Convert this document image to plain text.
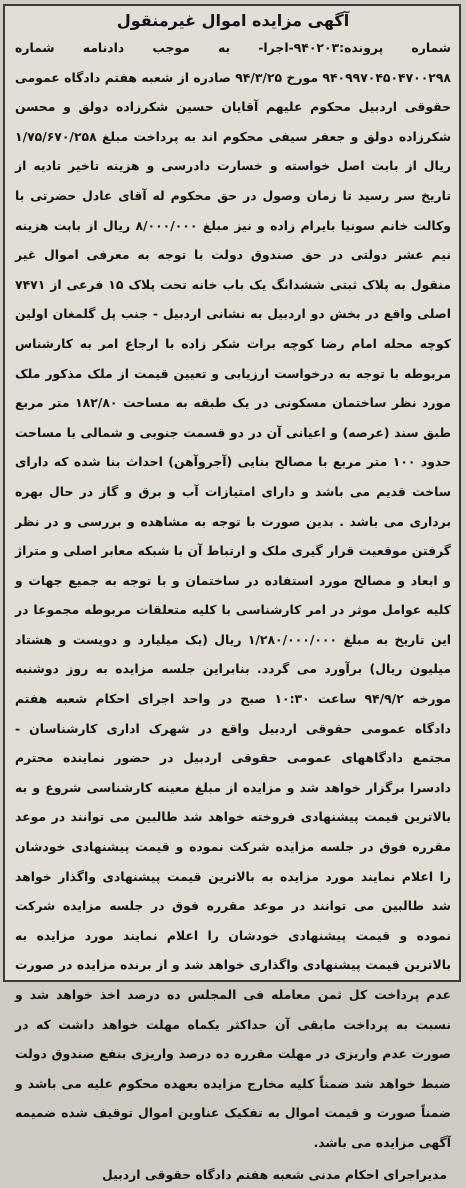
آگهی مزایده اموال غیرمنقول

شماره پرونده:۹۴۰۲۰۳-اجرا- به موجب دادنامه شماره ۹۴۰۹۹۷۰۴۵۰۴۷۰۰۲۹۸ مورخ ۹۴/۳/۲۵ صادره از شعبه هفتم دادگاه عمومی حقوقی اردبیل محکوم علیهم آقایان حسین شکرزاده دولق و محسن شکرزاده دولق و جعفر سیفی محکوم اند به پرداخت مبلغ ۱/۷۵/۶۷۰/۲۵۸ ریال از بابت اصل خواسته و خسارت دادرسی و هزینه تاخیر تادیه از تاریخ سر رسید تا زمان وصول در حق محکوم له آقای عادل حضرتی با وکالت خانم سونیا بایرام زاده و نیز مبلغ ۸/۰۰۰/۰۰۰ ریال از بابت هزینه نیم عشر دولتی در حق صندوق دولت با توجه به معرفی اموال غیر منقول به پلاک ثبتی ششدانگ یک باب خانه تحت پلاک ۱۵ فرعی از ۷۴۷۱ اصلی واقع در بخش دو اردبیل به نشانی اردبیل - جنب پل گلمغان اولین کوچه محله امام رضا کوچه برات شکر زاده با ارجاع امر به کارشناس مربوطه با توجه به درخواست ارزیابی و تعیین قیمت از ملک مذکور ملک مورد نظر ساختمان مسکونی در یک طبقه به مساحت ۱۸۲/۸۰ متر مربع طبق سند (عرصه) و اعیانی آن در دو قسمت جنوبی و شمالی با مساحت حدود ۱۰۰ متر مربع با مصالح بنایی (آجروآهن) احداث بنا شده که دارای ساخت قدیم می باشد و دارای امتیازات آب و برق و گاز در حال بهره برداری می باشد . بدین صورت با توجه به مشاهده و بررسی و در نظر گرفتن موقعیت قرار گیری ملک و ارتباط آن با شبکه معابر اصلی و متراژ و ابعاد و مصالح مورد استفاده در ساختمان و با توجه به جمیع جهات و کلیه عوامل موثر در امر کارشناسی با کلیه متعلقات مربوطه مجموعا در این تاریخ به مبلغ ۱/۲۸۰/۰۰۰/۰۰۰ ریال (یک میلیارد و دویست و هشتاد میلیون ریال) برآورد می گردد. بنابراین جلسه مزایده به روز دوشنبه مورخه ۹۴/۹/۲ ساعت ۱۰:۳۰ صبح در واحد اجرای احکام شعبه هفتم دادگاه عمومی حقوقی اردبیل واقع در شهرک اداری کارشناسان - مجتمع دادگاههای عمومی حقوقی اردبیل در حضور نماینده محترم دادسرا برگزار خواهد شد و مزایده از مبلغ معینه کارشناسی شروع و به بالاترین قیمت پیشنهادی فروخته خواهد شد طالبین می توانند در موعد مقرره فوق در جلسه مزایده شرکت نموده و قیمت پیشنهادی خودشان را اعلام نمایند مورد مزایده به بالاترین قیمت پیشنهادی واگذار خواهد شد طالبین می توانند در موعد مقرره فوق در جلسه مزایده شرکت نموده و قیمت پیشنهادی خودشان را اعلام نمایند مورد مزایده به بالاترین قیمت پیشنهادی واگذاری خواهد شد و از برنده مزایده در صورت عدم پرداخت کل ثمن معامله فی المجلس ده درصد اخذ خواهد شد و نسبت به پرداخت مابقی آن حداکثر یکماه مهلت خواهد داشت که در صورت عدم واریزی در مهلت مقرره ده درصد واریزی بنفع صندوق دولت ضبط خواهد شد ضمناً کلیه مخارج مزایده بعهده محکوم علیه می باشد و ضمناً صورت و قیمت اموال به تفکیک عناوین اموال توقیف شده ضمیمه آگهی مزایده می باشد.

مدیراجرای احکام مدنی شعبه هفتم دادگاه حقوقی اردبیل
